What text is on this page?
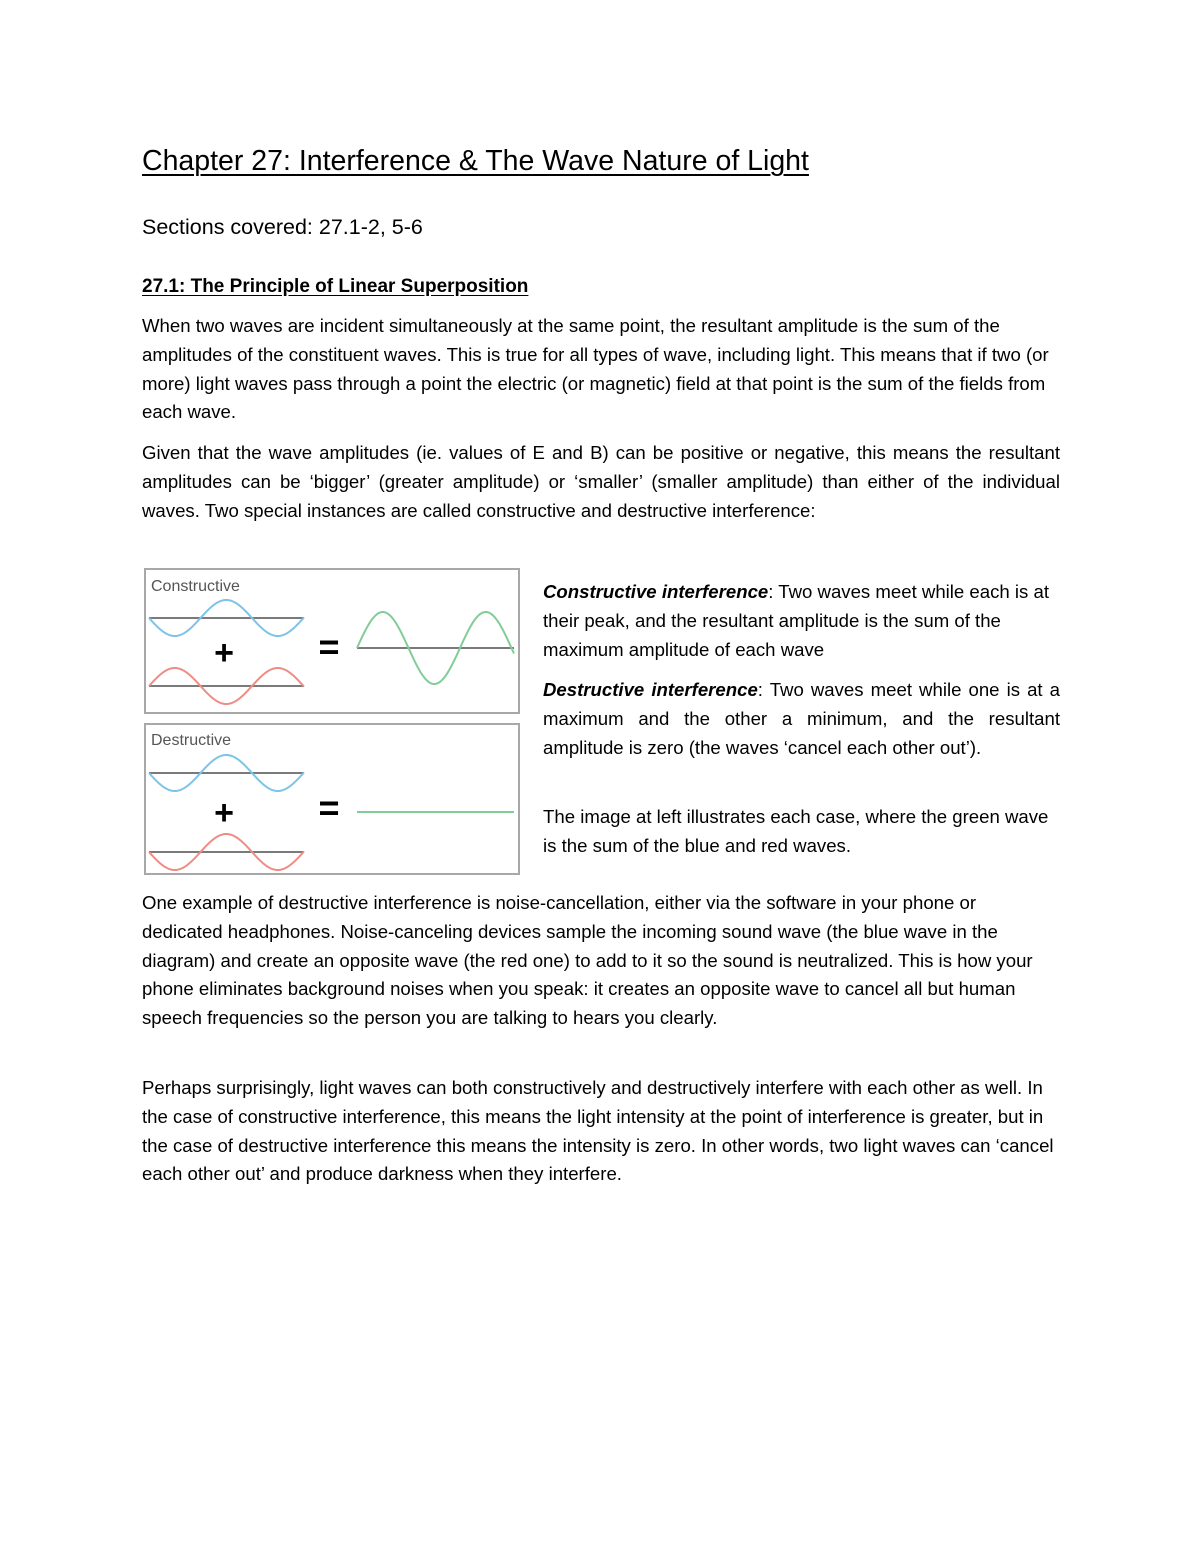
Chapter 27: Interference & The Wave Nature of Light
Sections covered: 27.1-2, 5-6
27.1: The Principle of Linear Superposition

When two waves are incident simultaneously at the same point, the resultant amplitude is the sum of the amplitudes of the constituent waves. This is true for all types of wave, including light. This means that if two (or more) light waves pass through a point the electric (or magnetic) field at that point is the sum of the fields from each wave.

Given that the wave amplitudes (ie. values of E and B) can be positive or negative, this means the resultant amplitudes can be ‘bigger’ (greater amplitude) or ‘smaller’ (smaller amplitude) than either of the individual waves. Two special instances are called constructive and destructive interference:

Constructive
+ =
Destructive
+ =

Constructive interference: Two waves meet while each is at their peak, and the resultant amplitude is the sum of the maximum amplitude of each wave

Destructive interference: Two waves meet while one is at a maximum and the other a minimum, and the resultant amplitude is zero (the waves ‘cancel each other out’).

The image at left illustrates each case, where the green wave is the sum of the blue and red waves.

One example of destructive interference is noise-cancellation, either via the software in your phone or dedicated headphones. Noise-canceling devices sample the incoming sound wave (the blue wave in the diagram) and create an opposite wave (the red one) to add to it so the sound is neutralized. This is how your phone eliminates background noises when you speak: it creates an opposite wave to cancel all but human speech frequencies so the person you are talking to hears you clearly.

Perhaps surprisingly, light waves can both constructively and destructively interfere with each other as well. In the case of constructive interference, this means the light intensity at the point of interference is greater, but in the case of destructive interference this means the intensity is zero. In other words, two light waves can ‘cancel each other out’ and produce darkness when they interfere.
